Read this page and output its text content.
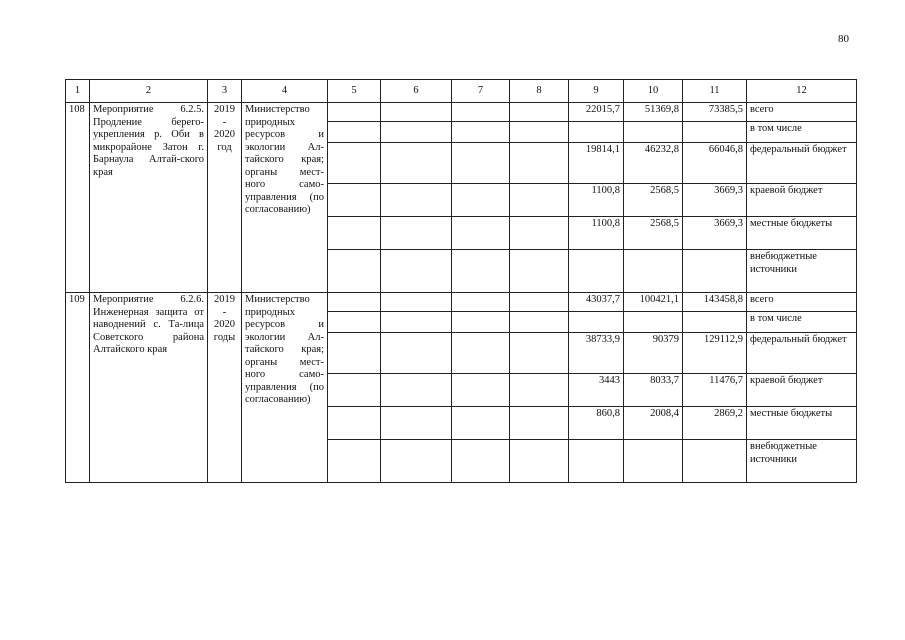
80
1	2	3	4	5	6	7	8	9	10	11	12
108	Мероприятие 6.2.5. Продление берего-укрепления р. Оби в микрорайоне Затон г. Барнаула Алтай-ского края	2019 - 2020 год	Министерство природных ресурсов и экологии Ал-тайского края; органы мест-ного само-управления (по согласованию)					22015,7	51369,8	73385,5	всего
											в том числе
								19814,1	46232,8	66046,8	федеральный бюджет
								1100,8	2568,5	3669,3	краевой бюджет
								1100,8	2568,5	3669,3	местные бюджеты
											внебюджетные источники
109	Мероприятие 6.2.6. Инженерная защита от наводнений с. Та-лица Советского района Алтайского края	2019 - 2020 годы	Министерство природных ресурсов и экологии Ал-тайского края; органы мест-ного само-управления (по согласованию)					43037,7	100421,1	143458,8	всего
											в том числе
								38733,9	90379	129112,9	федеральный бюджет
								3443	8033,7	11476,7	краевой бюджет
								860,8	2008,4	2869,2	местные бюджеты
											внебюджетные источники
